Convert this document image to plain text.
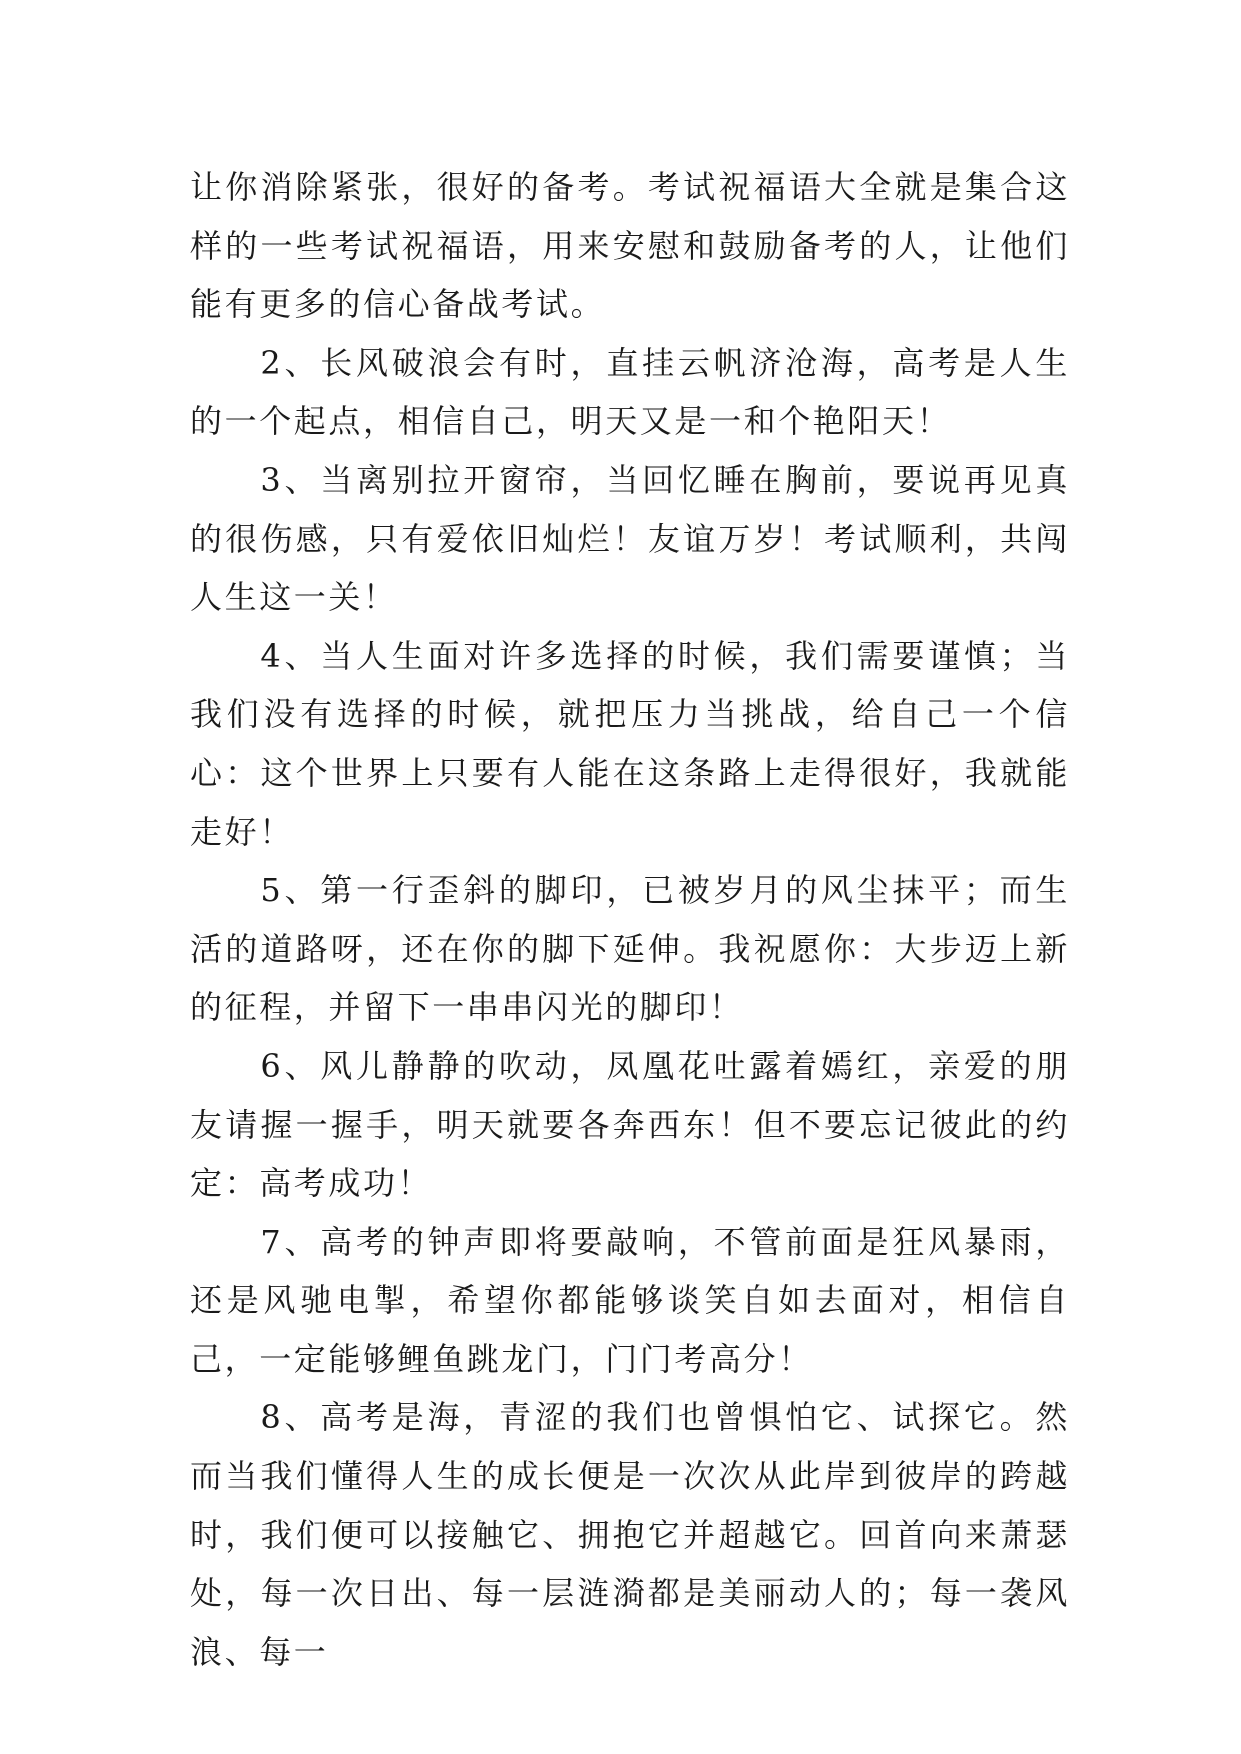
让你消除紧张，很好的备考。考试祝福语大全就是集合这样的一些考试祝福语，用来安慰和鼓励备考的人，让他们能有更多的信心备战考试。

2、长风破浪会有时，直挂云帆济沧海，高考是人生的一个起点，相信自己，明天又是一和个艳阳天！

3、当离别拉开窗帘，当回忆睡在胸前，要说再见真的很伤感，只有爱依旧灿烂！友谊万岁！考试顺利，共闯人生这一关！

4、当人生面对许多选择的时候，我们需要谨慎；当我们没有选择的时候，就把压力当挑战，给自己一个信心：这个世界上只要有人能在这条路上走得很好，我就能走好！

5、第一行歪斜的脚印，已被岁月的风尘抹平；而生活的道路呀，还在你的脚下延伸。我祝愿你：大步迈上新的征程，并留下一串串闪光的脚印！

6、风儿静静的吹动，凤凰花吐露着嫣红，亲爱的朋友请握一握手，明天就要各奔西东！但不要忘记彼此的约定：高考成功！

7、高考的钟声即将要敲响，不管前面是狂风暴雨，还是风驰电掣，希望你都能够谈笑自如去面对，相信自己，一定能够鲤鱼跳龙门，门门考高分！

8、高考是海，青涩的我们也曾惧怕它、试探它。然而当我们懂得人生的成长便是一次次从此岸到彼岸的跨越时，我们便可以接触它、拥抱它并超越它。回首向来萧瑟处，每一次日出、每一层涟漪都是美丽动人的；每一袭风浪、每一
